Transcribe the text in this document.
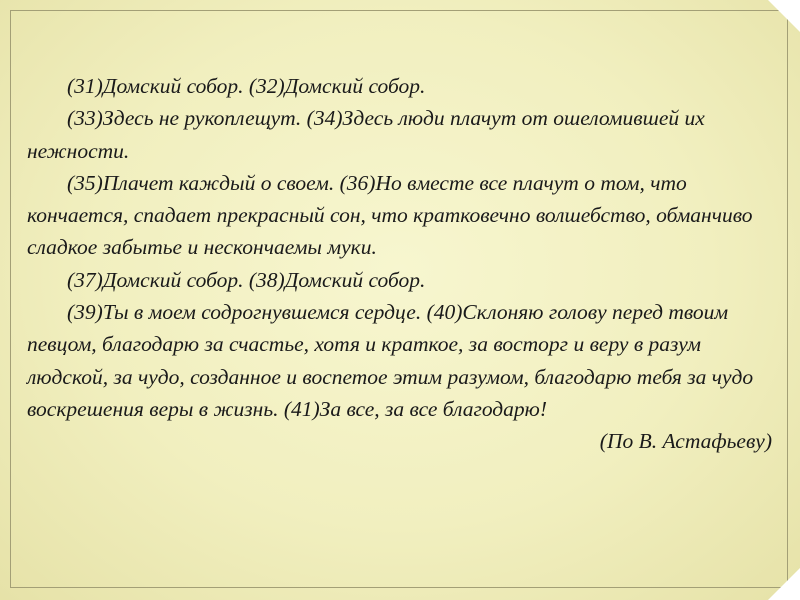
(31)Домский собор. (32)Домский собор.

(33)Здесь не рукоплещут. (34)Здесь люди плачут от ошеломившей их нежности.

(35)Плачет каждый о своем. (36)Но вместе все плачут о том, что кончается, спадает прекрасный сон, что кратковечно волшебство, обманчиво сладкое забытье и нескончаемы муки.

(37)Домский собор. (38)Домский собор.

(39)Ты в моем содрогнувшемся сердце. (40)Склоняю голову перед твоим певцом, благодарю за счастье, хотя и краткое, за восторг и веру в разум людской, за чудо, созданное и воспетое этим разумом, благодарю тебя за чудо воскрешения веры в жизнь. (41)За все, за все благодарю!

(По В. Астафьеву)
